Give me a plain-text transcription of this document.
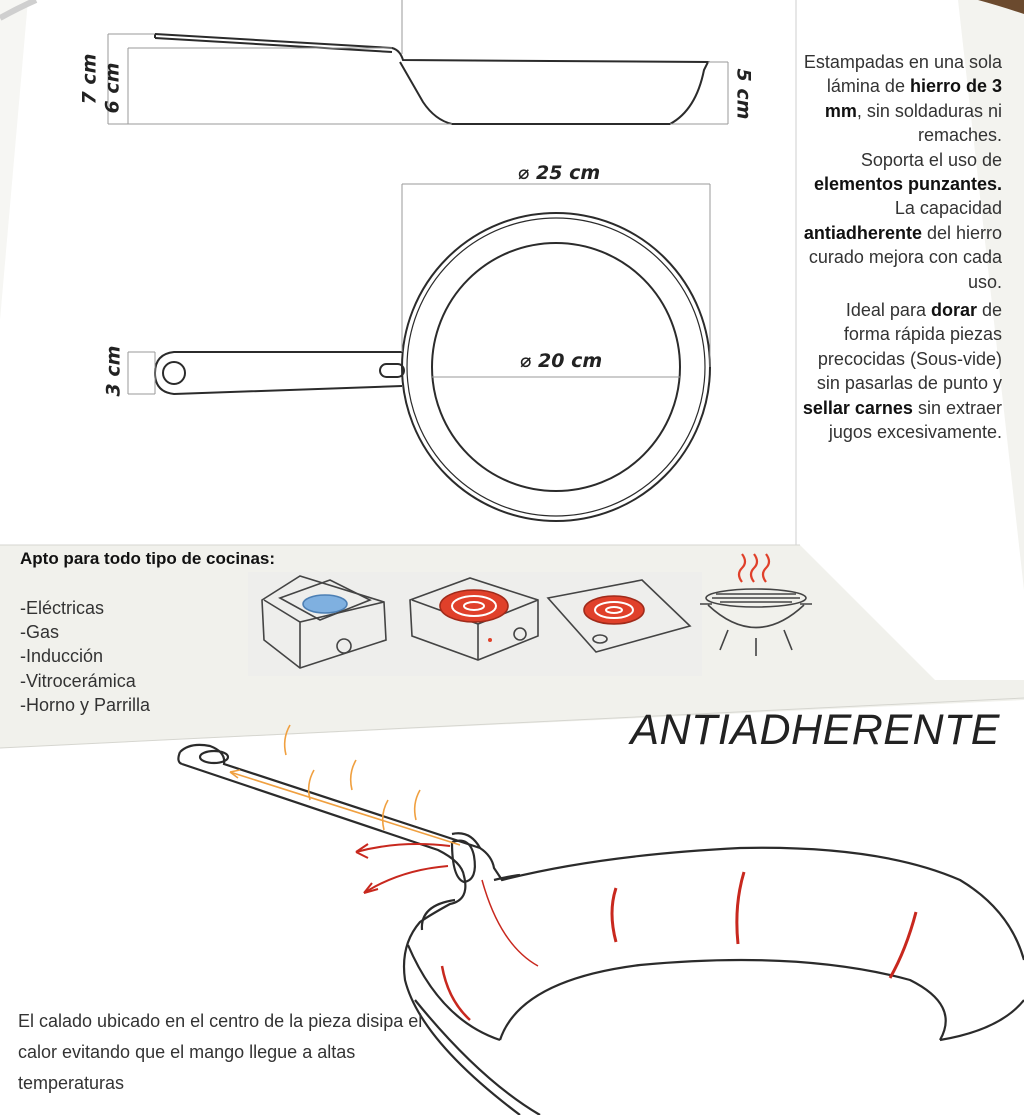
7 cm 6 cm	5 cm
⌀ 25 cm
⌀ 20 cm
3 cm
Estampadas en una sola lámina de hierro de 3 mm, sin soldaduras ni remaches.
Soporta el uso de elementos punzantes.
La capacidad antiadherente del hierro curado mejora con cada uso.
Ideal para dorar de forma rápida piezas precocidas (Sous-vide) sin pasarlas de punto y sellar carnes sin extraer jugos excesivamente.
Apto para todo tipo de cocinas:
-Eléctricas
-Gas
-Inducción
-Vitrocerámica
-Horno y Parrilla
ANTIADHERENTE
El calado ubicado en el centro de la pieza disipa el calor evitando que el mango llegue a altas temperaturas
